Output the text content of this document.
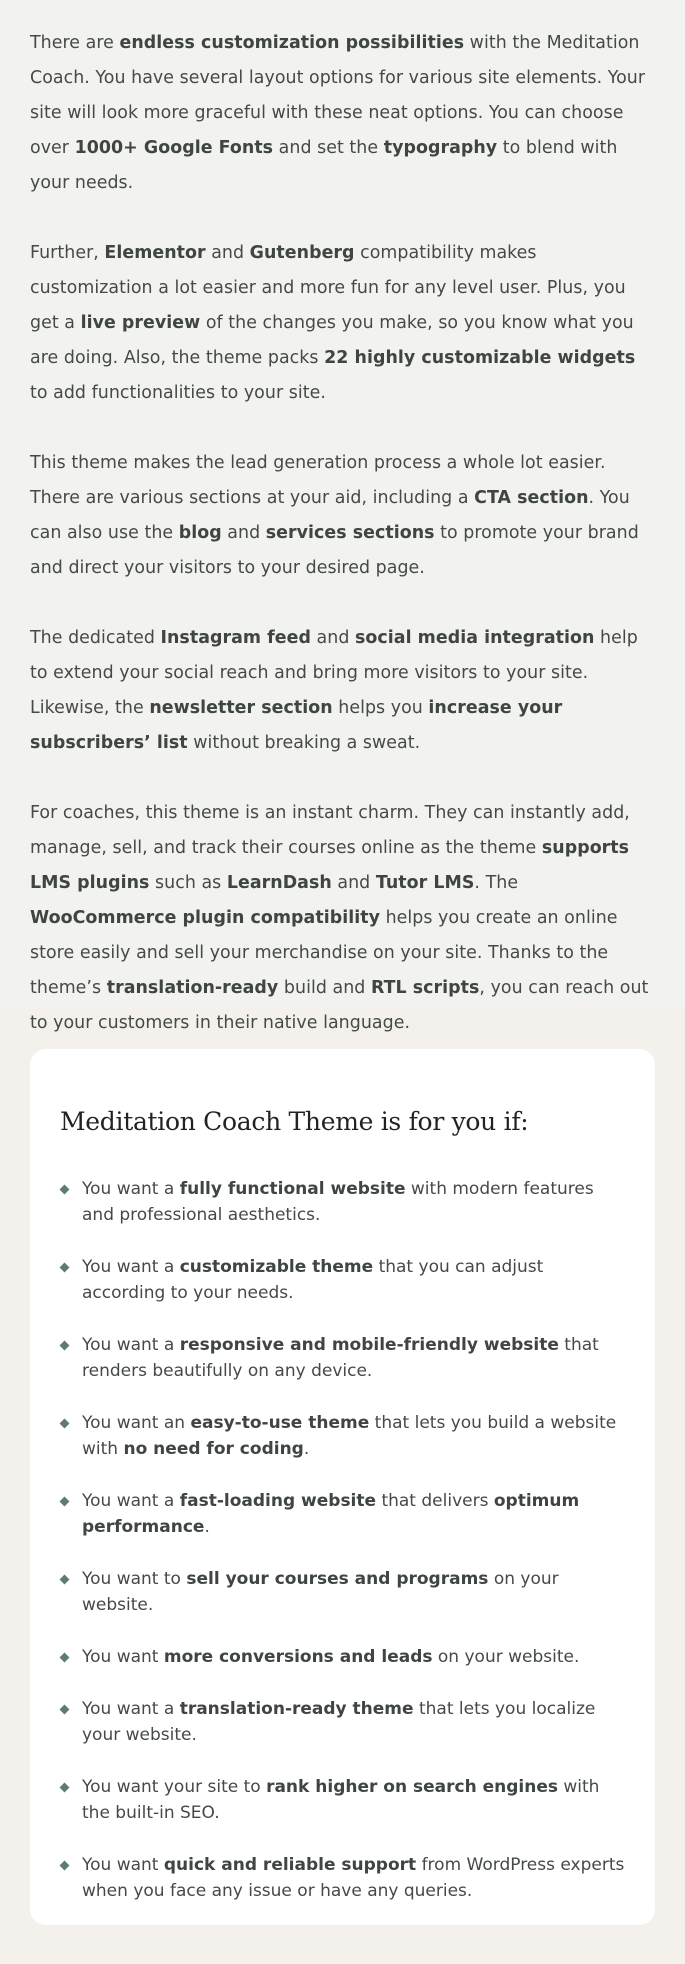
There are endless customization possibilities with the Meditation Coach. You have several layout options for various site elements. Your site will look more graceful with these neat options. You can choose over 1000+ Google Fonts and set the typography to blend with your needs.

Further, Elementor and Gutenberg compatibility makes customization a lot easier and more fun for any level user. Plus, you get a live preview of the changes you make, so you know what you are doing. Also, the theme packs 22 highly customizable widgets to add functionalities to your site.

This theme makes the lead generation process a whole lot easier. There are various sections at your aid, including a CTA section. You can also use the blog and services sections to promote your brand and direct your visitors to your desired page.

The dedicated Instagram feed and social media integration help to extend your social reach and bring more visitors to your site. Likewise, the newsletter section helps you increase your subscribers’ list without breaking a sweat.

For coaches, this theme is an instant charm. They can instantly add, manage, sell, and track their courses online as the theme supports LMS plugins such as LearnDash and Tutor LMS. The WooCommerce plugin compatibility helps you create an online store easily and sell your merchandise on your site. Thanks to the theme’s translation-ready build and RTL scripts, you can reach out to your customers in their native language.

Meditation Coach Theme is for you if:
You want a fully functional website with modern features and professional aesthetics.
You want a customizable theme that you can adjust according to your needs.
You want a responsive and mobile-friendly website that renders beautifully on any device.
You want an easy-to-use theme that lets you build a website with no need for coding.
You want a fast-loading website that delivers optimum performance.
You want to sell your courses and programs on your website.
You want more conversions and leads on your website.
You want a translation-ready theme that lets you localize your website.
You want your site to rank higher on search engines with the built-in SEO.
You want quick and reliable support from WordPress experts when you face any issue or have any queries.
